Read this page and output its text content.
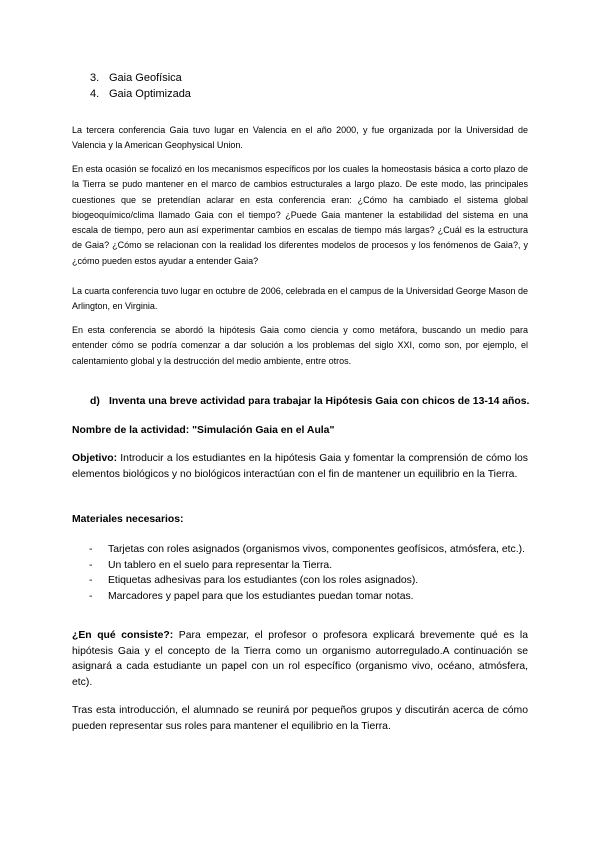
3. Gaia Geofísica
4. Gaia Optimizada

La tercera conferencia Gaia tuvo lugar en Valencia en el año 2000, y fue organizada por la Universidad de Valencia y la American Geophysical Union.

En esta ocasión se focalizó en los mecanismos específicos por los cuales la homeostasis básica a corto plazo de la Tierra se pudo mantener en el marco de cambios estructurales a largo plazo. De este modo, las principales cuestiones que se pretendían aclarar en esta conferencia eran: ¿Cómo ha cambiado el sistema global biogeoquímico/clima llamado Gaia con el tiempo? ¿Puede Gaia mantener la estabilidad del sistema en una escala de tiempo, pero aun así experimentar cambios en escalas de tiempo más largas? ¿Cuál es la estructura de Gaia? ¿Cómo se relacionan con la realidad los diferentes modelos de procesos y los fenómenos de Gaia?, y ¿cómo pueden estos ayudar a entender Gaia?

La cuarta conferencia tuvo lugar en octubre de 2006, celebrada en el campus de la Universidad George Mason de Arlington, en Virginia.

En esta conferencia se abordó la hipótesis Gaia como ciencia y como metáfora, buscando un medio para entender cómo se podría comenzar a dar solución a los problemas del siglo XXI, como son, por ejemplo, el calentamiento global y la destrucción del medio ambiente, entre otros.

d) Inventa una breve actividad para trabajar la Hipótesis Gaia con chicos de 13-14 años.

Nombre de la actividad: "Simulación Gaia en el Aula"

Objetivo: Introducir a los estudiantes en la hipótesis Gaia y fomentar la comprensión de cómo los elementos biológicos y no biológicos interactúan con el fin de mantener un equilibrio en la Tierra.

Materiales necesarios:

- Tarjetas con roles asignados (organismos vivos, componentes geofísicos, atmósfera, etc.).
- Un tablero en el suelo para representar la Tierra.
- Etiquetas adhesivas para los estudiantes (con los roles asignados).
- Marcadores y papel para que los estudiantes puedan tomar notas.

¿En qué consiste?: Para empezar, el profesor o profesora explicará brevemente qué es la hipótesis Gaia y el concepto de la Tierra como un organismo autorregulado.A continuación se asignará a cada estudiante un papel con un rol específico (organismo vivo, océano, atmósfera, etc).

Tras esta introducción, el alumnado se reunirá por pequeños grupos y discutirán acerca de cómo pueden representar sus roles para mantener el equilibrio en la Tierra.
